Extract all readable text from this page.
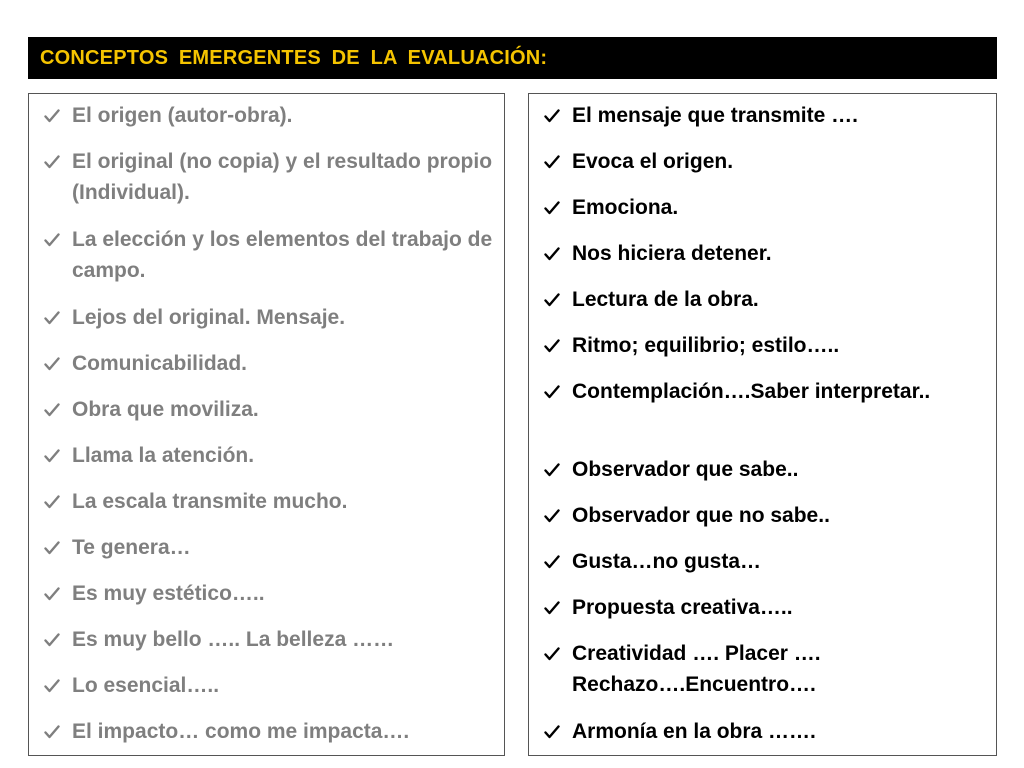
CONCEPTOS EMERGENTES DE LA EVALUACIÓN:
El origen (autor-obra).
El original (no copia) y el resultado propio (Individual).
La elección y los elementos del trabajo de campo.
Lejos del original. Mensaje.
Comunicabilidad.
Obra que moviliza.
Llama la atención.
La escala transmite mucho.
Te genera…
Es muy estético…..
Es muy bello ….. La belleza ……
Lo esencial…..
El impacto… como me impacta….
El mensaje que transmite ….
Evoca el origen.
Emociona.
Nos hiciera detener.
Lectura de la obra.
Ritmo; equilibrio; estilo…..
Contemplación….Saber interpretar..
Observador que sabe..
Observador que no sabe..
Gusta…no gusta…
Propuesta creativa…..
Creatividad …. Placer …. Rechazo….Encuentro….
Armonía en la obra …….
